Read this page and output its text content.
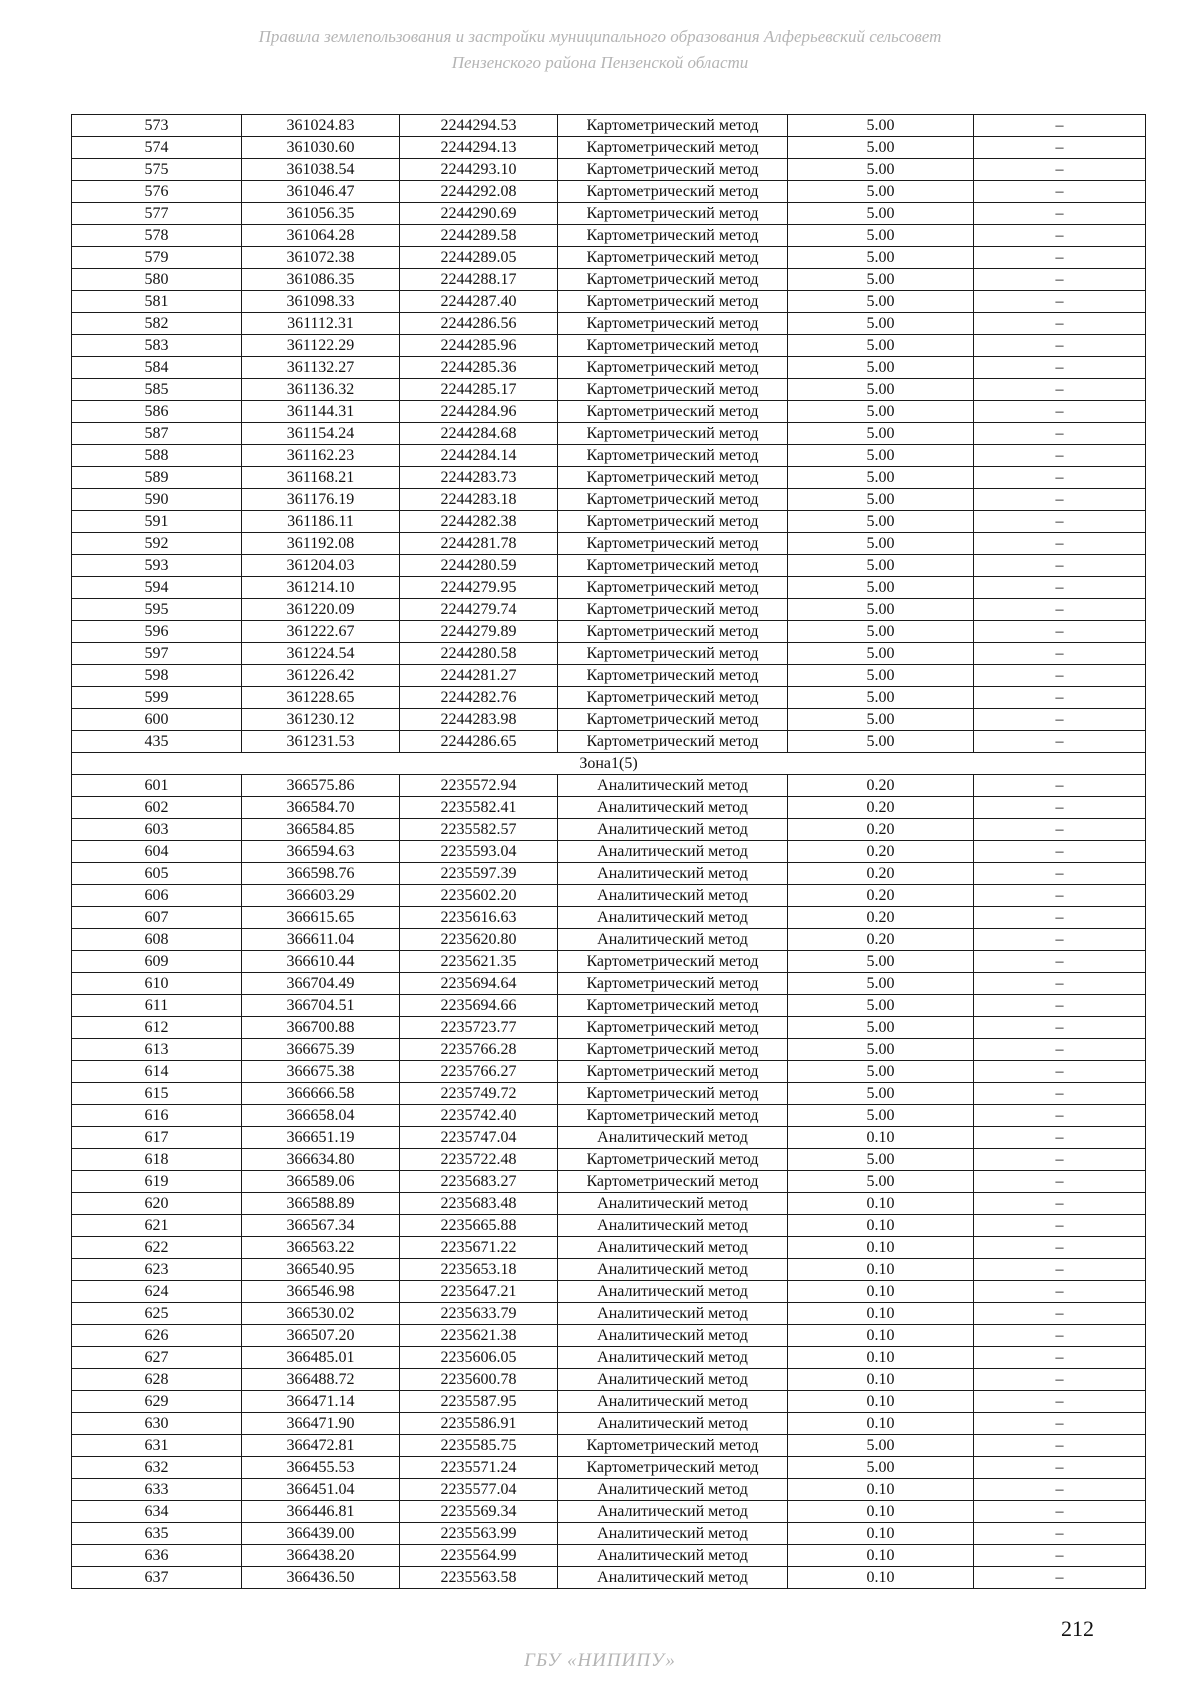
Правила землепользования и застройки муниципального образования Алферьевский сельсовет
Пензенского района Пензенской области
573	361024.83	2244294.53	Картометрический метод	5.00	–
574	361030.60	2244294.13	Картометрический метод	5.00	–
575	361038.54	2244293.10	Картометрический метод	5.00	–
576	361046.47	2244292.08	Картометрический метод	5.00	–
577	361056.35	2244290.69	Картометрический метод	5.00	–
578	361064.28	2244289.58	Картометрический метод	5.00	–
579	361072.38	2244289.05	Картометрический метод	5.00	–
580	361086.35	2244288.17	Картометрический метод	5.00	–
581	361098.33	2244287.40	Картометрический метод	5.00	–
582	361112.31	2244286.56	Картометрический метод	5.00	–
583	361122.29	2244285.96	Картометрический метод	5.00	–
584	361132.27	2244285.36	Картометрический метод	5.00	–
585	361136.32	2244285.17	Картометрический метод	5.00	–
586	361144.31	2244284.96	Картометрический метод	5.00	–
587	361154.24	2244284.68	Картометрический метод	5.00	–
588	361162.23	2244284.14	Картометрический метод	5.00	–
589	361168.21	2244283.73	Картометрический метод	5.00	–
590	361176.19	2244283.18	Картометрический метод	5.00	–
591	361186.11	2244282.38	Картометрический метод	5.00	–
592	361192.08	2244281.78	Картометрический метод	5.00	–
593	361204.03	2244280.59	Картометрический метод	5.00	–
594	361214.10	2244279.95	Картометрический метод	5.00	–
595	361220.09	2244279.74	Картометрический метод	5.00	–
596	361222.67	2244279.89	Картометрический метод	5.00	–
597	361224.54	2244280.58	Картометрический метод	5.00	–
598	361226.42	2244281.27	Картометрический метод	5.00	–
599	361228.65	2244282.76	Картометрический метод	5.00	–
600	361230.12	2244283.98	Картометрический метод	5.00	–
435	361231.53	2244286.65	Картометрический метод	5.00	–
Зона1(5)					
601	366575.86	2235572.94	Аналитический метод	0.20	–
602	366584.70	2235582.41	Аналитический метод	0.20	–
603	366584.85	2235582.57	Аналитический метод	0.20	–
604	366594.63	2235593.04	Аналитический метод	0.20	–
605	366598.76	2235597.39	Аналитический метод	0.20	–
606	366603.29	2235602.20	Аналитический метод	0.20	–
607	366615.65	2235616.63	Аналитический метод	0.20	–
608	366611.04	2235620.80	Аналитический метод	0.20	–
609	366610.44	2235621.35	Картометрический метод	5.00	–
610	366704.49	2235694.64	Картометрический метод	5.00	–
611	366704.51	2235694.66	Картометрический метод	5.00	–
612	366700.88	2235723.77	Картометрический метод	5.00	–
613	366675.39	2235766.28	Картометрический метод	5.00	–
614	366675.38	2235766.27	Картометрический метод	5.00	–
615	366666.58	2235749.72	Картометрический метод	5.00	–
616	366658.04	2235742.40	Картометрический метод	5.00	–
617	366651.19	2235747.04	Аналитический метод	0.10	–
618	366634.80	2235722.48	Картометрический метод	5.00	–
619	366589.06	2235683.27	Картометрический метод	5.00	–
620	366588.89	2235683.48	Аналитический метод	0.10	–
621	366567.34	2235665.88	Аналитический метод	0.10	–
622	366563.22	2235671.22	Аналитический метод	0.10	–
623	366540.95	2235653.18	Аналитический метод	0.10	–
624	366546.98	2235647.21	Аналитический метод	0.10	–
625	366530.02	2235633.79	Аналитический метод	0.10	–
626	366507.20	2235621.38	Аналитический метод	0.10	–
627	366485.01	2235606.05	Аналитический метод	0.10	–
628	366488.72	2235600.78	Аналитический метод	0.10	–
629	366471.14	2235587.95	Аналитический метод	0.10	–
630	366471.90	2235586.91	Аналитический метод	0.10	–
631	366472.81	2235585.75	Картометрический метод	5.00	–
632	366455.53	2235571.24	Картометрический метод	5.00	–
633	366451.04	2235577.04	Аналитический метод	0.10	–
634	366446.81	2235569.34	Аналитический метод	0.10	–
635	366439.00	2235563.99	Аналитический метод	0.10	–
636	366438.20	2235564.99	Аналитический метод	0.10	–
637	366436.50	2235563.58	Аналитический метод	0.10	–
212
ГБУ «НИПИПУ»
